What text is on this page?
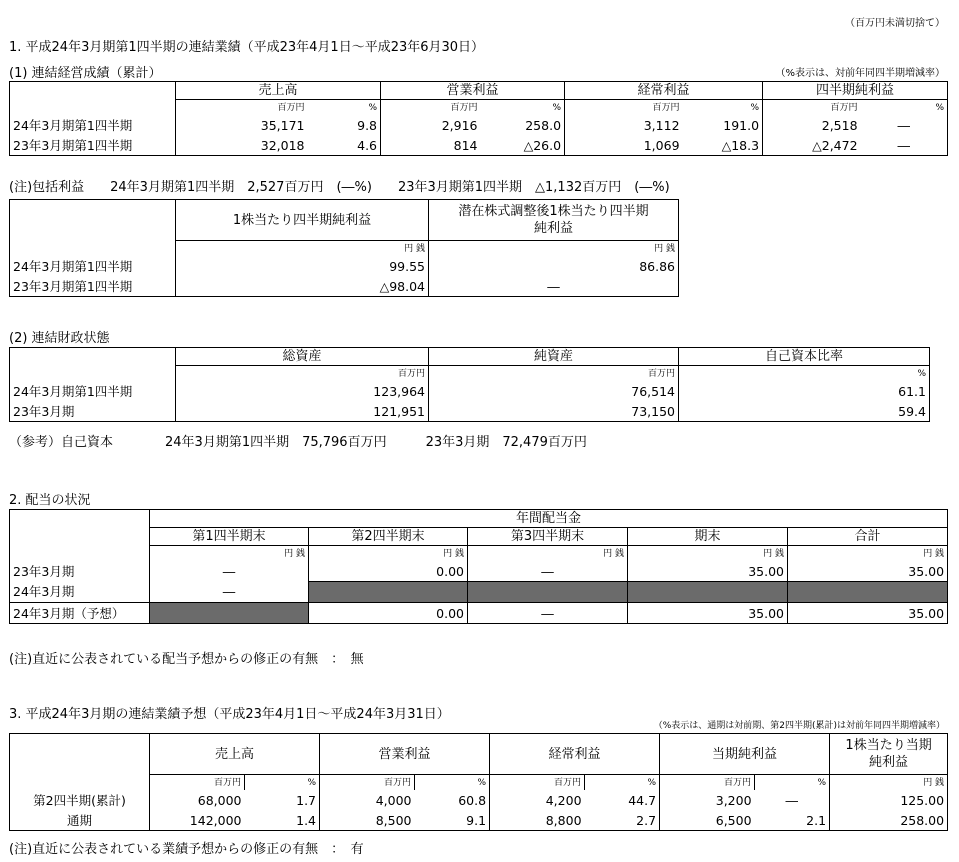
（百万円未満切捨て）
1. 平成24年3月期第1四半期の連結業績（平成23年4月1日～平成23年6月30日）
(1) 連結経営成績（累計）	（%表示は、対前年同四半期増減率）
	売上高		営業利益		経常利益		四半期純利益	
	百万円	%	百万円	%	百万円	%	百万円	%
24年3月期第1四半期	35,171	9.8	2,916	258.0	3,112	191.0	2,518	―
23年3月期第1四半期	32,018	4.6	814	△26.0	1,069	△18.3	△2,472	―
(注)包括利益　　24年3月期第1四半期　2,527百万円　(―%)　　23年3月期第1四半期　△1,132百万円　(―%)
	1株当たり四半期純利益	潜在株式調整後1株当たり四半期
純利益
	円 銭	円 銭
24年3月期第1四半期	99.55	86.86
23年3月期第1四半期	△98.04	―
(2) 連結財政状態
	総資産	純資産	自己資本比率
	百万円	百万円	%
24年3月期第1四半期	123,964	76,514	61.1
23年3月期	121,951	73,150	59.4
（参考）自己資本　　　　24年3月期第1四半期　75,796百万円　　　23年3月期　72,479百万円
2. 配当の状況
	年間配当金				
	第1四半期末	第2四半期末	第3四半期末	期末	合計
	円 銭	円 銭	円 銭	円 銭	円 銭
23年3月期	―	0.00	―	35.00	35.00
24年3月期	―				
24年3月期（予想）		0.00	―	35.00	35.00
(注)直近に公表されている配当予想からの修正の有無　：　無
3. 平成24年3月期の連結業績予想（平成23年4月1日～平成24年3月31日）
（%表示は、通期は対前期、第2四半期(累計)は対前年同四半期増減率）
	売上高		営業利益		経常利益		当期純利益		1株当たり当期
純利益
	百万円	%	百万円	%	百万円	%	百万円	%	円 銭
第2四半期(累計)	68,000	1.7	4,000	60.8	4,200	44.7	3,200	―	125.00
通期	142,000	1.4	8,500	9.1	8,800	2.7	6,500	2.1	258.00
(注)直近に公表されている業績予想からの修正の有無　：　有
